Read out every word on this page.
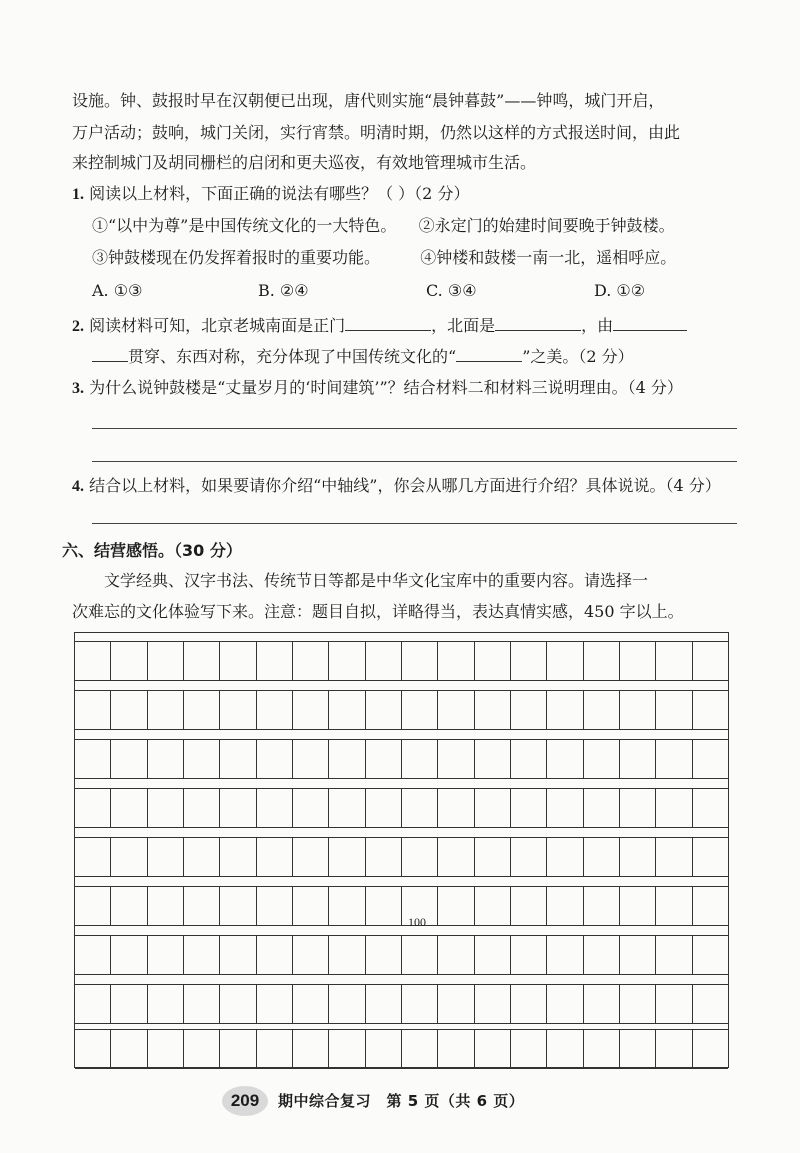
设施。钟、鼓报时早在汉朝便已出现，唐代则实施“晨钟暮鼓”——钟鸣，城门开启，
万户活动；鼓响，城门关闭，实行宵禁。明清时期，仍然以这样的方式报送时间，由此
来控制城门及胡同栅栏的启闭和更夫巡夜，有效地管理城市生活。
1. 阅读以上材料，下面正确的说法有哪些？（ ）（2 分）
①“以中为尊”是中国传统文化的一大特色。 ②永定门的始建时间要晚于钟鼓楼。
③钟鼓楼现在仍发挥着报时的重要功能。	④钟楼和鼓楼一南一北，遥相呼应。
A. ①③	B. ②④	C. ③④	D. ①②
2. 阅读材料可知，北京老城南面是正门	，北面是	，由
贯穿、东西对称，充分体现了中国传统文化的“	”之美。（2 分）
3. 为什么说钟鼓楼是“丈量岁月的‘时间建筑’”？结合材料二和材料三说明理由。（4 分）
4. 结合以上材料，如果要请你介绍“中轴线”，你会从哪几方面进行介绍？具体说说。（4 分）
六、结营感悟。（30 分）
文学经典、汉字书法、传统节日等都是中华文化宝库中的重要内容。请选择一
次难忘的文化体验写下来。注意：题目自拟，详略得当，表达真情实感，450 字以上。
100
209	期中综合复习　第 5 页（共 6 页）
